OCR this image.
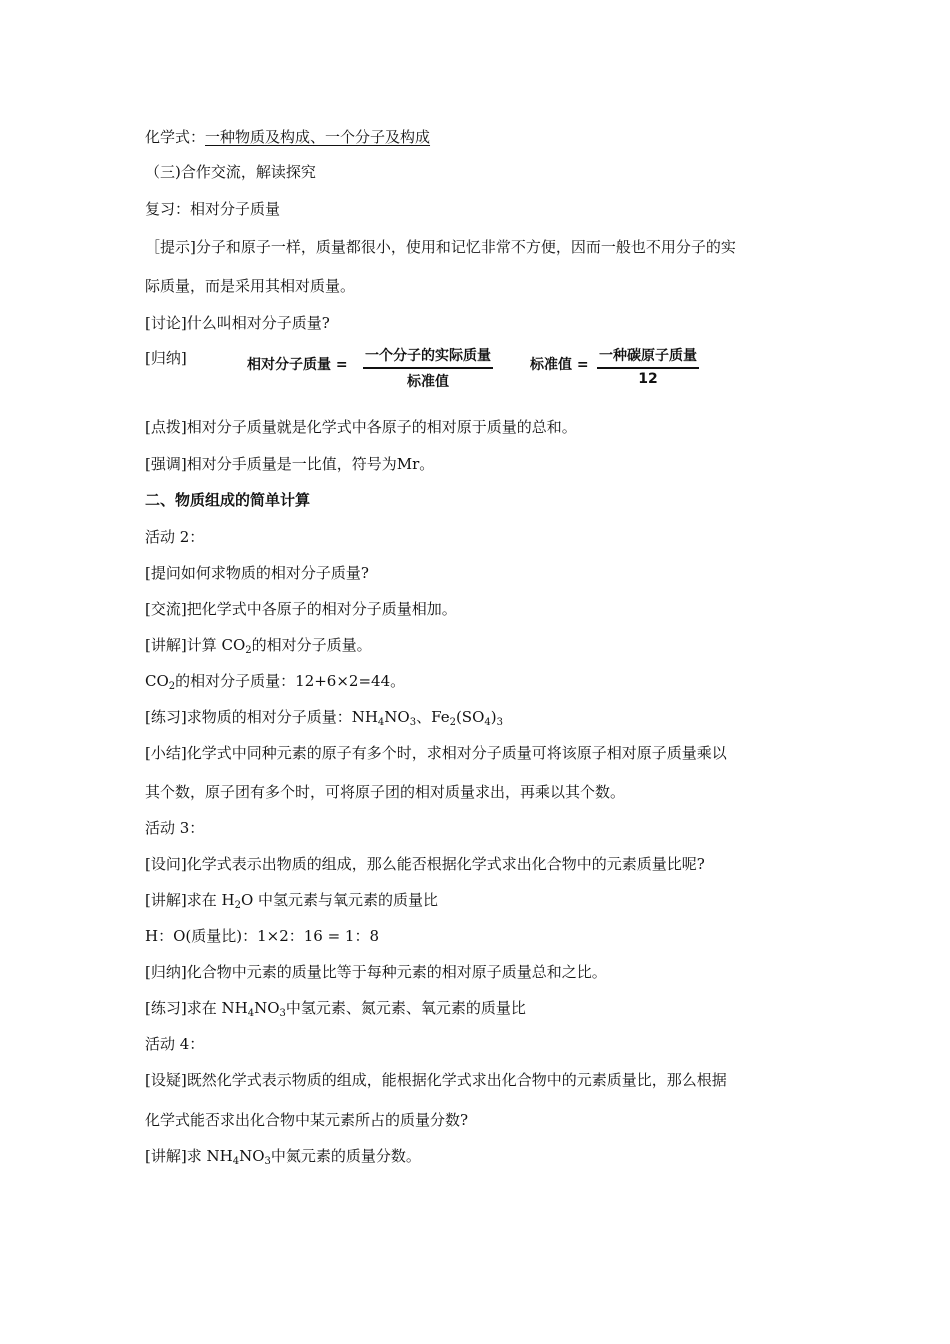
化学式：一种物质及构成、一个分子及构成
（三)合作交流，解读探究
复习：相对分子质量
［提示]分子和原子一样，质量都很小，使用和记忆非常不方便，因而一般也不用分子的实
际质量，而是采用其相对质量。
[讨论]什么叫相对分子质量?
[归纳]	相对分子质量 =
一个分子的实际质量
标准值
标准值 =
一种碳原子质量
12
[点拨]相对分子质量就是化学式中各原子的相对原于质量的总和。
[强调]相对分手质量是一比值，符号为Mr。
二、物质组成的简单计算
活动 2：
[提问如何求物质的相对分子质量?
[交流]把化学式中各原子的相对分子质量相加。
[讲解]计算 $CO_2$的相对分子质量。
$CO_2$的相对分子质量：12+6×2=44。
[练习]求物质的相对分子质量：$NH_4NO_3$、$Fe_2(SO_4)_3$
[小结]化学式中同种元素的原子有多个时，求相对分子质量可将该原子相对原子质量乘以
其个数，原子团有多个时，可将原子团的相对质量求出，再乘以其个数。
活动 3：
[设问]化学式表示出物质的组成，那么能否根据化学式求出化合物中的元素质量比呢?
[讲解]求在 $H_2O$ 中氢元素与氧元素的质量比
H：O(质量比)：1×2：16 = 1：8
[归纳]化合物中元素的质量比等于每种元素的相对原子质量总和之比。
[练习]求在 $NH_4NO_3$中氢元素、氮元素、氧元素的质量比
活动 4：
[设疑]既然化学式表示物质的组成，能根据化学式求出化合物中的元素质量比，那么根据
化学式能否求出化合物中某元素所占的质量分数?
[讲解]求 $NH_4NO_3$中氮元素的质量分数。
